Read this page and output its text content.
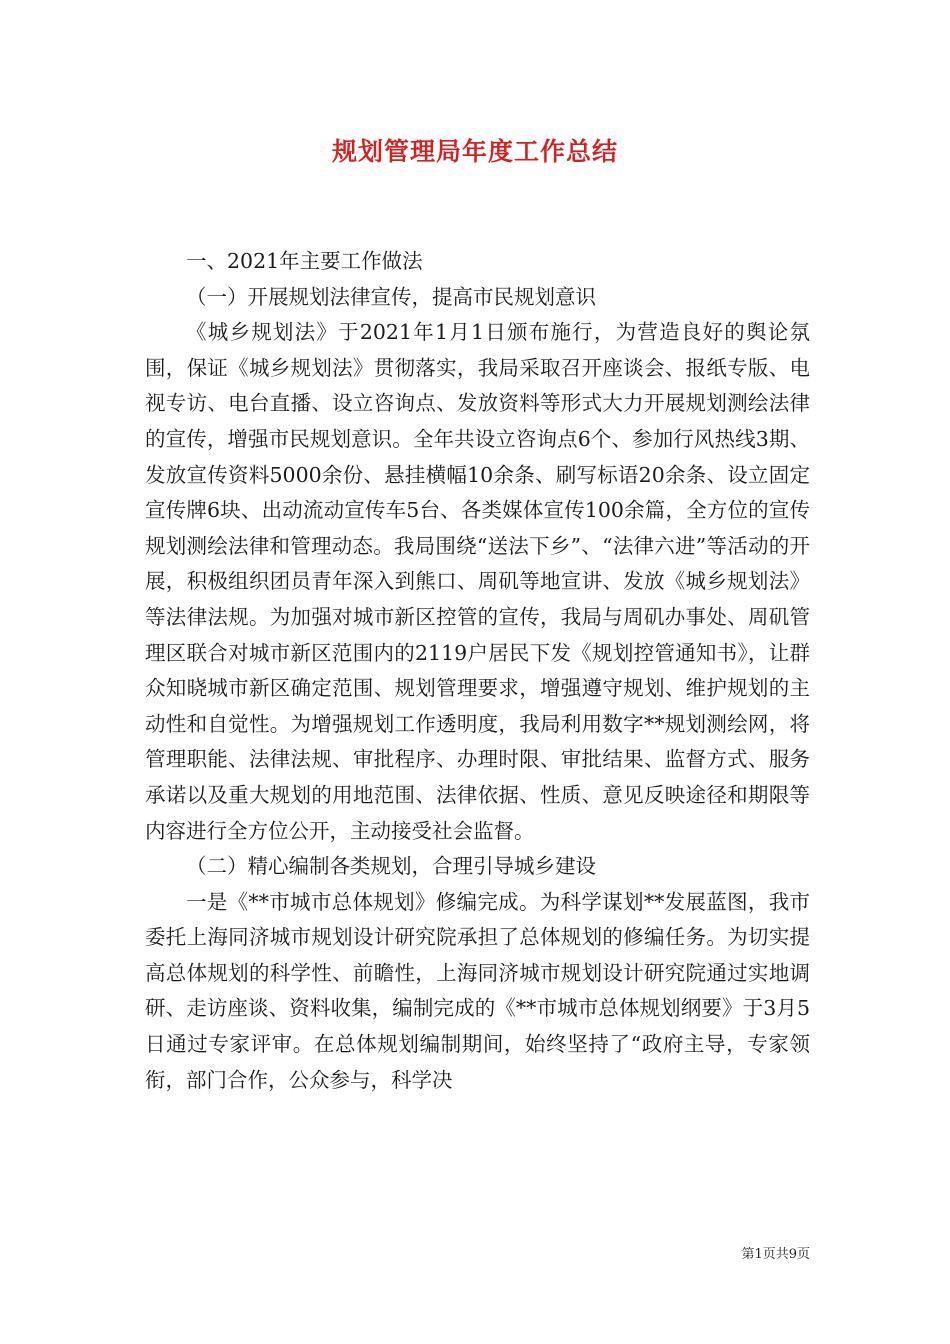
规划管理局年度工作总结

一、2021年主要工作做法

（一）开展规划法律宣传，提高市民规划意识

《城乡规划法》于2021年1月1日颁布施行，为营造良好的舆论氛围，保证《城乡规划法》贯彻落实，我局采取召开座谈会、报纸专版、电视专访、电台直播、设立咨询点、发放资料等形式大力开展规划测绘法律的宣传，增强市民规划意识。全年共设立咨询点6个、参加行风热线3期、发放宣传资料5000余份、悬挂横幅10余条、刷写标语20余条、设立固定宣传牌6块、出动流动宣传车5台、各类媒体宣传100余篇，全方位的宣传规划测绘法律和管理动态。我局围绕“送法下乡”、“法律六进”等活动的开展，积极组织团员青年深入到熊口、周矶等地宣讲、发放《城乡规划法》等法律法规。为加强对城市新区控管的宣传，我局与周矶办事处、周矶管理区联合对城市新区范围内的2119户居民下发《规划控管通知书》，让群众知晓城市新区确定范围、规划管理要求，增强遵守规划、维护规划的主动性和自觉性。为增强规划工作透明度，我局利用数字**规划测绘网，将管理职能、法律法规、审批程序、办理时限、审批结果、监督方式、服务承诺以及重大规划的用地范围、法律依据、性质、意见反映途径和期限等内容进行全方位公开，主动接受社会监督。

（二）精心编制各类规划，合理引导城乡建设

一是《**市城市总体规划》修编完成。为科学谋划**发展蓝图，我市委托上海同济城市规划设计研究院承担了总体规划的修编任务。为切实提高总体规划的科学性、前瞻性，上海同济城市规划设计研究院通过实地调研、走访座谈、资料收集，编制完成的《**市城市总体规划纲要》于3月5日通过专家评审。在总体规划编制期间，始终坚持了“政府主导，专家领衔，部门合作，公众参与，科学决

第1页共9页
